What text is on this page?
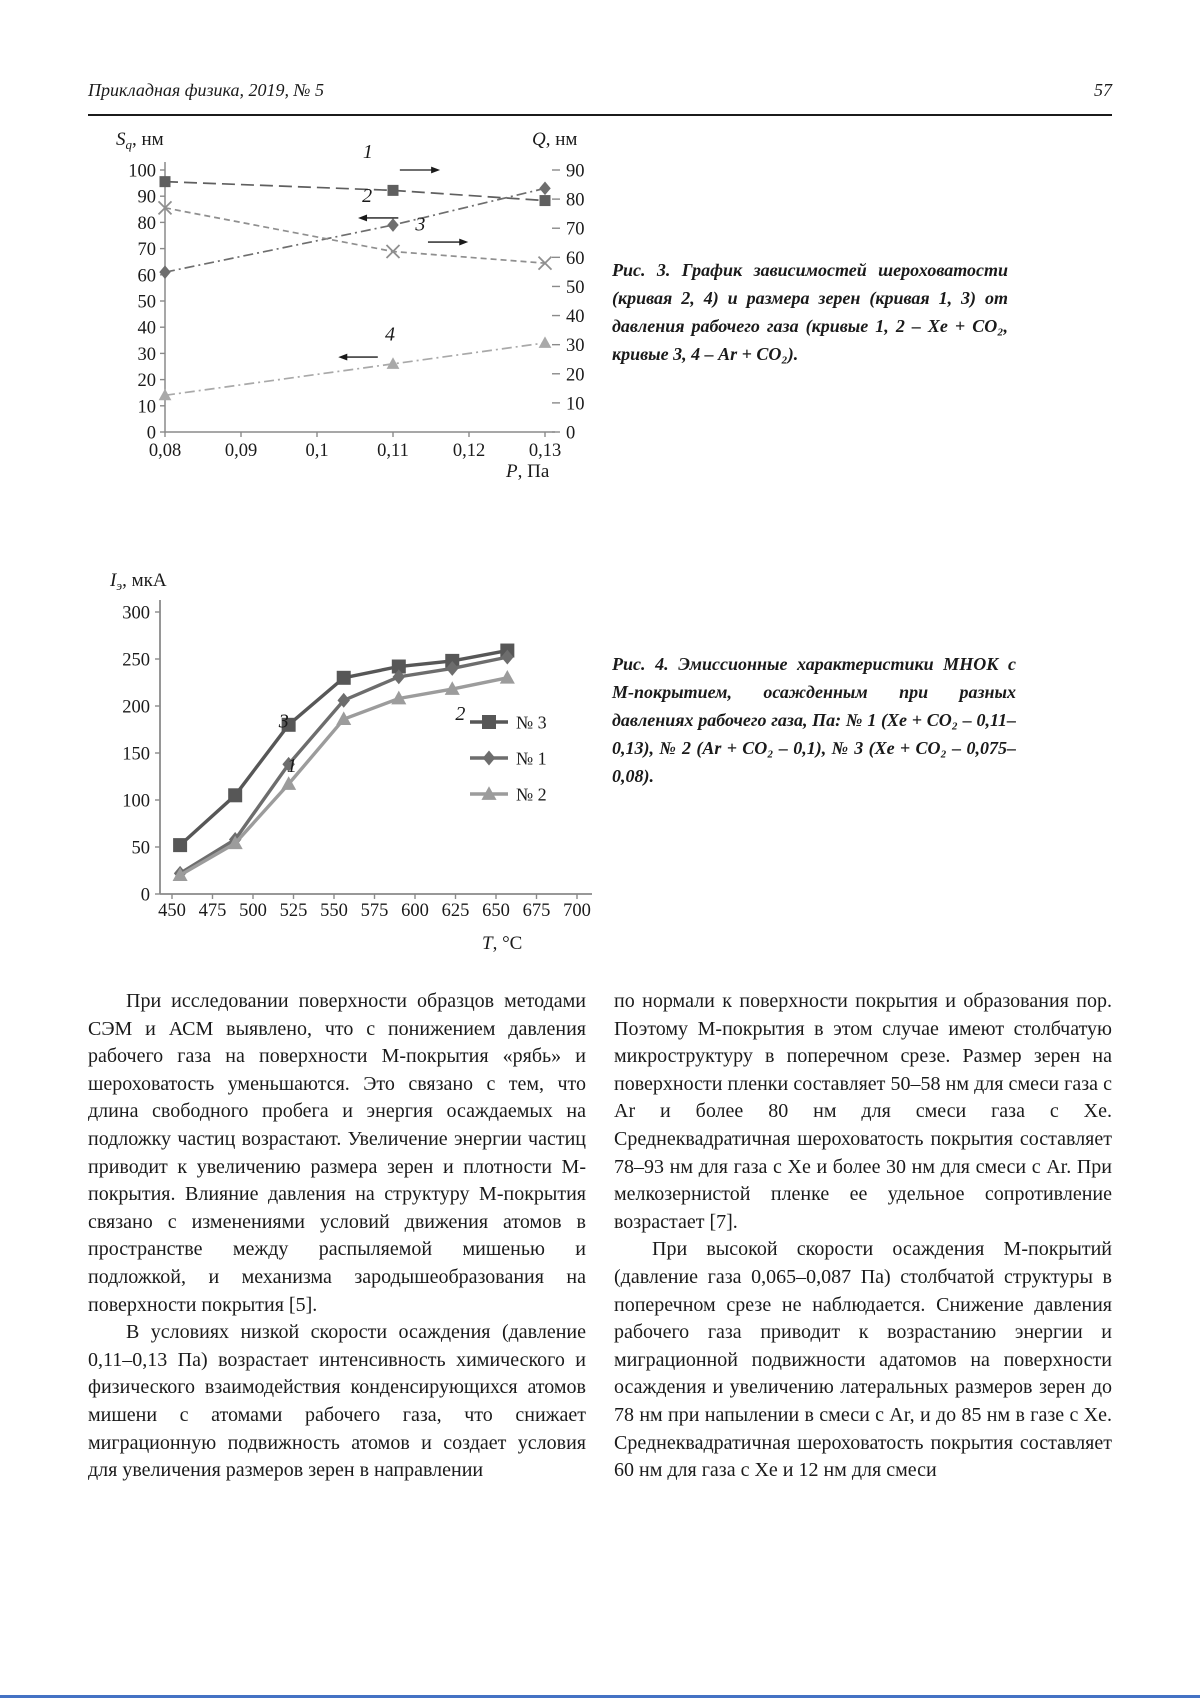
Прикладная физика, 2019, № 5	57
0
10
20
30
40
50
60
70
80
90
100
0
10
20
30
40
50
60
70
80
90
0,08 0,09	0,1	0,11 0,12 0,13
$S_q$, нм	Q, нм
P, Па
1
2
3
4
Рис. 3. График зависимостей шероховатости (кривая 2, 4) и размера зерен (кривая 1, 3) от давления рабочего газа (кривые 1, 2 – Xe + CO₂, кривые 3, 4 – Ar + CO₂).
0
50
100
150
200
250
300
450 475 500 525 550 575 600 625 650 675 700
$I_э$, мкА
T, °C
3
1
2	№ 3
№ 1
№ 2
Рис. 4. Эмиссионные характеристики МНОК с М-покрытием, осажденным при разных давлениях рабочего газа, Па: № 1 (Xe + CO₂ – 0,11–0,13), № 2 (Ar + CO₂ – 0,1), № 3 (Xe + CO₂ – 0,075–0,08).

При исследовании поверхности образцов методами СЭМ и АСМ выявлено, что с понижением давления рабочего газа на поверхности М-покрытия «рябь» и шероховатость уменьшаются. Это связано с тем, что длина свободного пробега и энергия осаждаемых на подложку частиц возрастают. Увеличение энергии частиц приводит к увеличению размера зерен и плотности М-покрытия. Влияние давления на структуру М-покрытия связано с изменениями условий движения атомов в пространстве между распыляемой мишенью и подложкой, и механизма зародышеобразования на поверхности покрытия [5].

В условиях низкой скорости осаждения (давление 0,11–0,13 Па) возрастает интенсивность химического и физического взаимодействия конденсирующихся атомов мишени с атомами рабочего газа, что снижает миграционную подвижность атомов и создает условия для увеличения размеров зерен в направлении

по нормали к поверхности покрытия и образования пор. Поэтому М-покрытия в этом случае имеют столбчатую микроструктуру в поперечном срезе. Размер зерен на поверхности пленки составляет 50–58 нм для смеси газа с Ar и более 80 нм для смеси газа с Xe. Среднеквадратичная шероховатость покрытия составляет 78–93 нм для газа с Xe и более 30 нм для смеси с Ar. При мелкозернистой пленке ее удельное сопротивление возрастает [7].

При высокой скорости осаждения М-покрытий (давление газа 0,065–0,087 Па) столбчатой структуры в поперечном срезе не наблюдается. Снижение давления рабочего газа приводит к возрастанию энергии и миграционной подвижности адатомов на поверхности осаждения и увеличению латеральных размеров зерен до 78 нм при напылении в смеси с Ar, и до 85 нм в газе с Xe. Среднеквадратичная шероховатость покрытия составляет 60 нм для газа с Xe и 12 нм для смеси
